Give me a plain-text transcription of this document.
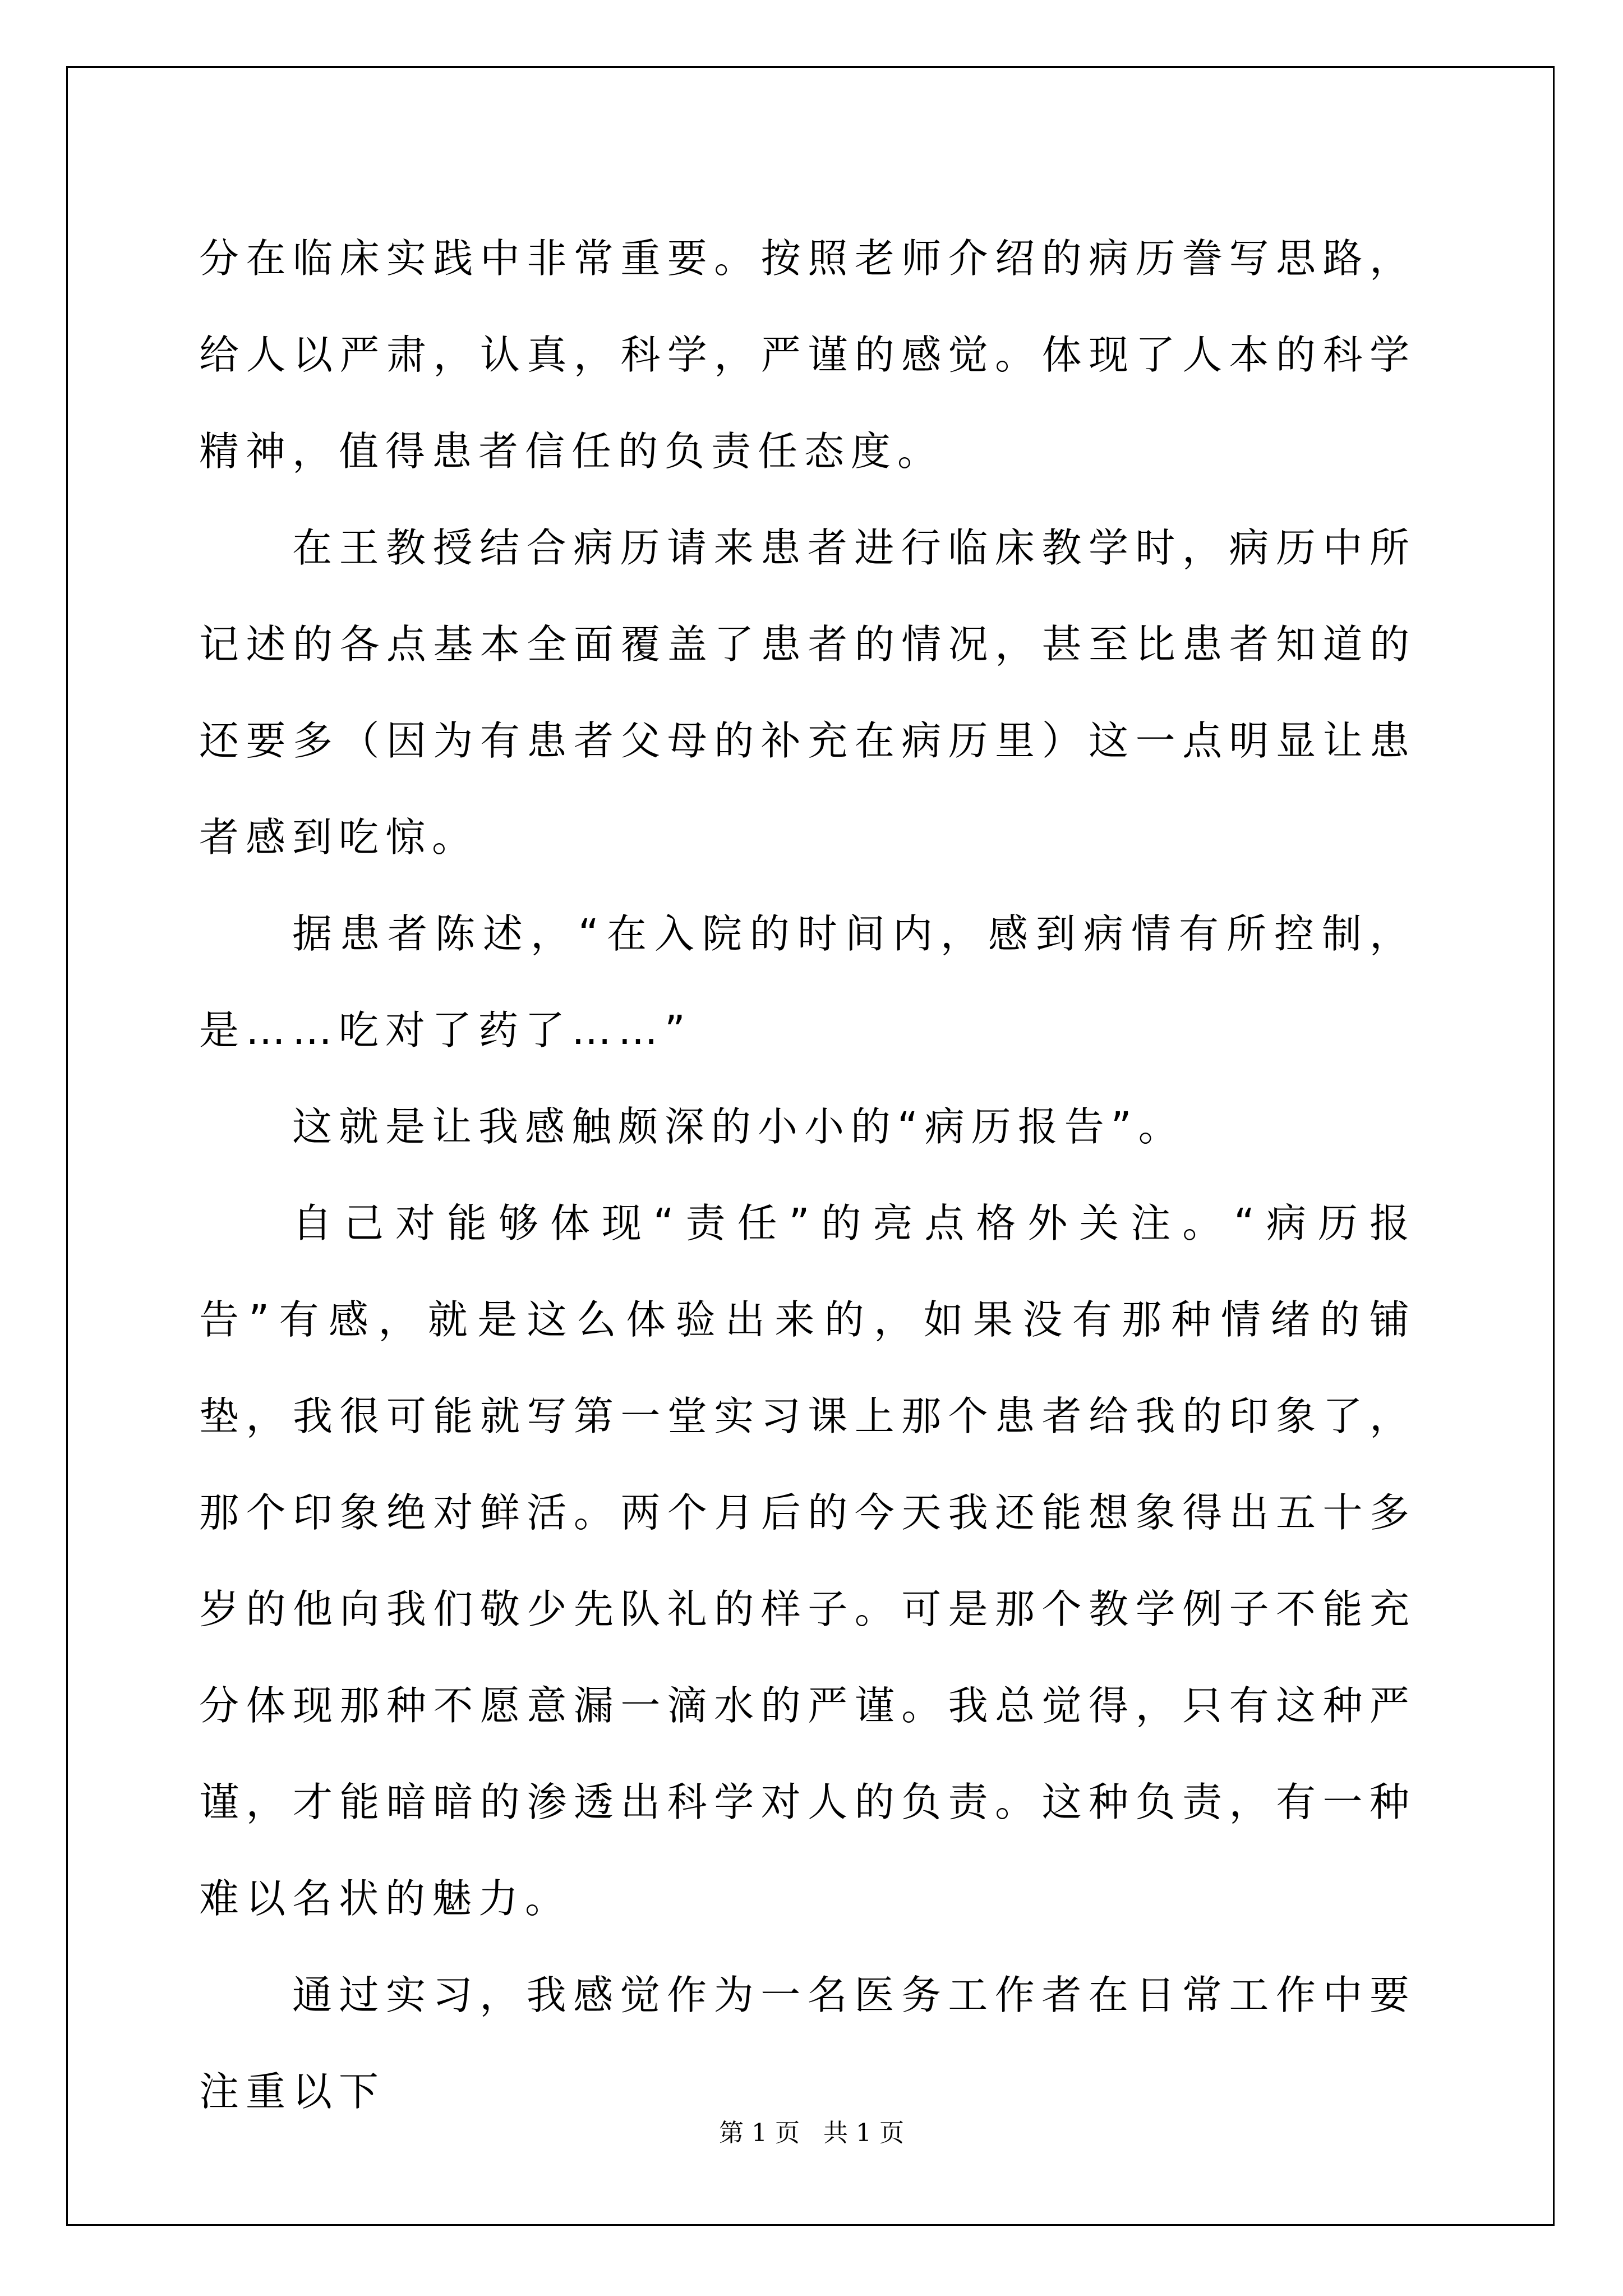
分在临床实践中非常重要。按照老师介绍的病历誊写思路，给人以严肃，认真，科学，严谨的感觉。体现了人本的科学精神，值得患者信任的负责任态度。

在王教授结合病历请来患者进行临床教学时，病历中所记述的各点基本全面覆盖了患者的情况，甚至比患者知道的还要多（因为有患者父母的补充在病历里）这一点明显让患者感到吃惊。

据患者陈述，“在入院的时间内，感到病情有所控制，是……吃对了药了……”

这就是让我感触颇深的小小的“病历报告”。

自己对能够体现“责任”的亮点格外关注。“病历报告”有感，就是这么体验出来的，如果没有那种情绪的铺垫，我很可能就写第一堂实习课上那个患者给我的印象了，那个印象绝对鲜活。两个月后的今天我还能想象得出五十多岁的他向我们敬少先队礼的样子。可是那个教学例子不能充分体现那种不愿意漏一滴水的严谨。我总觉得，只有这种严谨，才能暗暗的渗透出科学对人的负责。这种负责，有一种难以名状的魅力。

通过实习，我感觉作为一名医务工作者在日常工作中要注重以下

第 1 页   共 1 页
